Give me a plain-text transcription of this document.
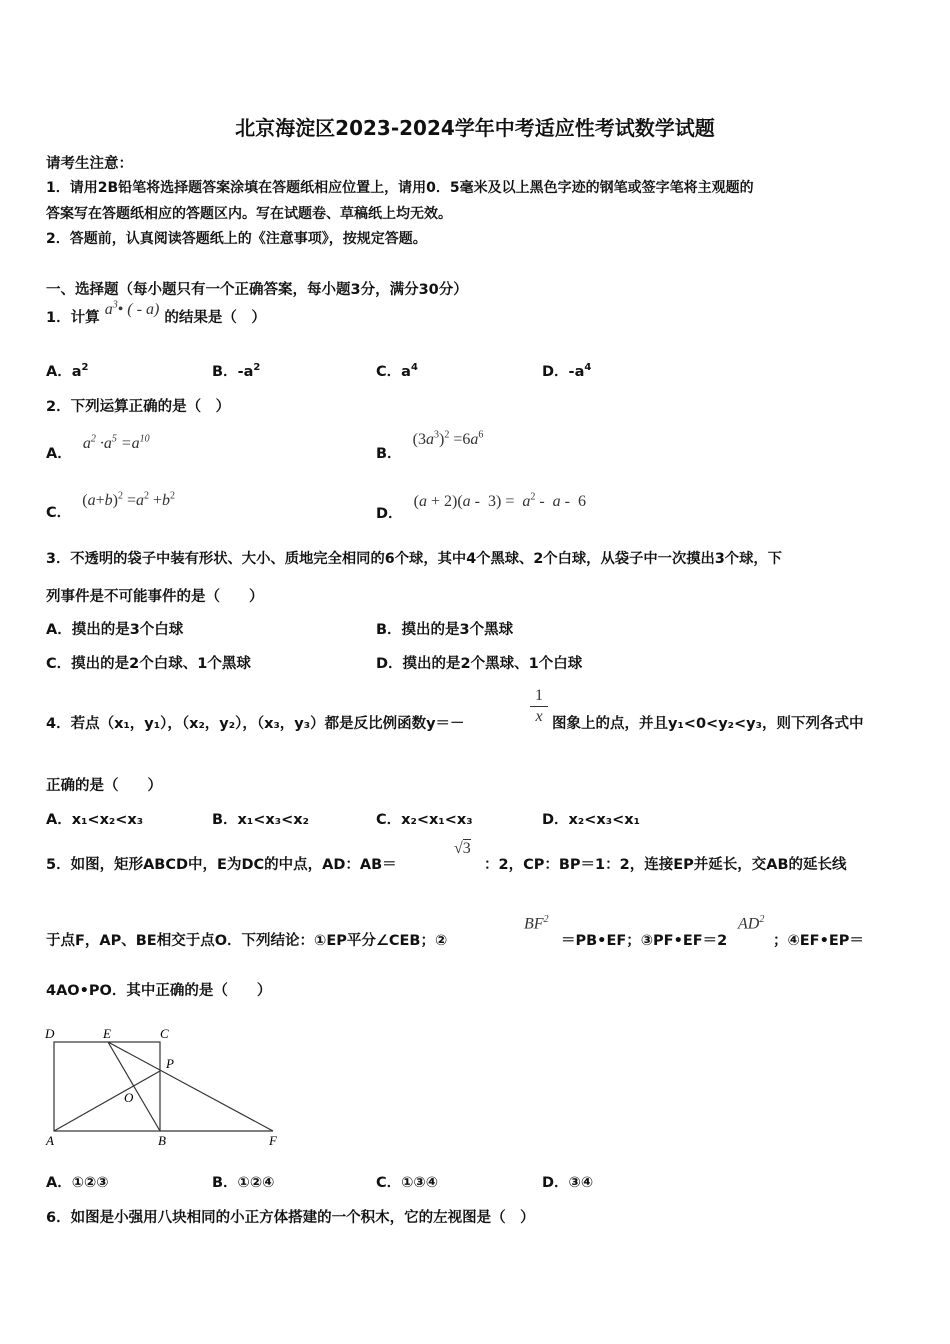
北京海淀区2023-2024学年中考适应性考试数学试题
请考生注意：
1．请用2B铅笔将选择题答案涂填在答题纸相应位置上，请用0．5毫米及以上黑色字迹的钢笔或签字笔将主观题的
答案写在答题纸相应的答题区内。写在试题卷、草稿纸上均无效。
2．答题前，认真阅读答题纸上的《注意事项》，按规定答题。
一、选择题（每小题只有一个正确答案，每小题3分，满分30分）
1．计算 $a^3•$ ( - a) 的结果是（　）
A．$a^2$	B．$-a^2$	C．$a^4$	D．$-a^4$
2．下列运算正确的是（　）
A． $a^2 \cdot a^5 =a^{10}$
B． $(3a^3)^2 =6a^6$
C． $(a+b)^2 =a^2 +b^2$
D． $(a + 2)(a - 3) = a^2 - a - 6$
3．不透明的袋子中装有形状、大小、质地完全相同的6个球，其中4个黑球、2个白球，从袋子中一次摸出3个球，下
列事件是不可能事件的是（　　）
A．摸出的是3个白球	B．摸出的是3个黑球
C．摸出的是2个白球、1个黑球	D．摸出的是2个黑球、1个白球
4．若点（x₁，y₁），（x₂，y₂），（x₃，y₃）都是反比例函数y＝－
1
x 图象上的点，并且y₁<0<y₂<y₃，则下列各式中
正确的是（　　）
A．x₁<x₂<x₃	B．x₁<x₃<x₂	C．x₂<x₁<x₃	D．x₂<x₃<x₁
5．如图，矩形ABCD中，E为DC的中点，AD：AB＝
√3
：2，CP：BP＝1：2，连接EP并延长，交AB的延长线
于点F，AP、BE相交于点O．下列结论：①EP平分∠CEB；②
$BF^2$
＝PB•EF；③PF•EF＝2
$AD^2$
；④EF•EP＝
4AO•PO．其中正确的是（　　）
D	E	C
P
O
A	B	F
A．①②③	B．①②④	C．①③④	D．③④
6．如图是小强用八块相同的小正方体搭建的一个积木，它的左视图是（　）
